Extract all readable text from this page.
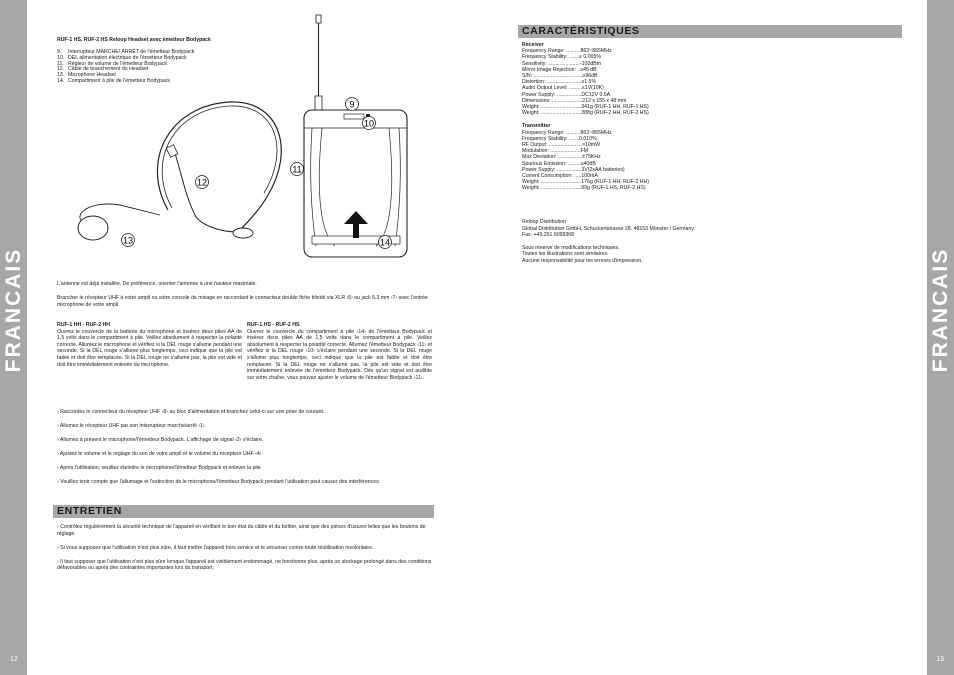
FRANCAIS
12
FRANCAIS
13
RUF-1 HS, RUF-2 HS Reloop Headset avec émetteur Bodypack
9. Interrupteur MARCHE/ ARRÊT de l'émetteur Bodypack
10. DEL alimentation électrique de l'émetteur Bodypack
11. Régleur de volume de l'émetteur Bodypack
12. Câble de branchement du Headset
13. Microphone Headset
14. Compartiment à pile de l'émetteur Bodypack
9
10
11
12
13	14
L'antenne est déjà installée. De préférence, orienter l'antenne à une hauteur maximale.
Brancher le récepteur UHF à votre ampli ou votre console de mixage en raccordant le connecteur double fiche blindé via XLR ‹6› ou jack 6,3 mm ‹7› avec l'entrée microphone de votre ampli.
RUF-1 HH - RUF-2 HH
Ouvrez le couvercle de la batterie du microphone et insérez deux piles AA de 1,5 volts dans le compartiment à pile. Veillez absolument à respecter la polarité correcte. Allumez le microphone et vérifiez si la DEL rouge s'allume pendant une seconde. Si la DEL rouge s'allume plus longtemps, ceci indique que la pile est faible et doit être remplacée. Si la DEL rouge ne s'allume pas, la pile est vide et doit être immédiatement enlevée du microphone.
RUF-1 HS - RUF-2 HS
Ouvrez le couvercle du compartiment à pile ‹14› de l'émetteur Bodypack et insérez deux piles AA de 1,5 volts dans le compartiment à pile. Veillez absolument à respecter la polarité correcte. Allumez l'émetteur Bodypack ‹11› et vérifiez si la DEL rouge ‹10› s'éclaire pendant une seconde. Si la DEL rouge s'allume plus longtemps, ceci indique que la pile est faible et doit être remplacée. Si la DEL rouge ne s'allume pas, la pile est vide et doit être immédiatement enlevée de l'émetteur Bodypack. Dès qu'un signal est audible sur votre chaîne, vous pouvez ajuster le volume de l'émetteur Bodypack ‹11›.
› Raccordez le connecteur du récepteur UHF ‹8› au bloc d'alimentation et branchez celui-ci sur une prise de courant.
› Allumez le récepteur UHF par son interrupteur marche/arrêt ‹1›.
› Allumez à présent le microphone/l'émetteur Bodypack. L'affichage de signal ‹2› s'éclaire.
› Ajustez le volume et le réglage du son de votre ampli et le volume du récepteur UHF ‹4›.
› Après l'utilisation, veuillez éteindre le microphone/l'émetteur Bodypack et enlever la pile.
› Veuillez tenir compte que l'allumage et l'extinction de le microphone/l'émetteur Bodypack pendant l'utilisation peut causer des interférences.
ENTRETIEN
› Contrôlez régulièrement la sécurité technique de l'appareil en vérifiant le bon état du câble et du boîtier, ainsi que des pièces d'usures telles que les boutons de réglage.
› Si vous supposez que l'utilisation n'est plus sûre, il faut mettre l'appareil hors service et le sécuriser contre toute réutilisation involontaire.
› Il faut supposer que l'utilisation n'est plus sûre lorsque l'appareil est visiblement endommagé, ne fonctionne plus, après un stockage prolongé dans des conditions défavorables ou après des contraintes importantes lors du transport.
CARACTÉRISTIQUES
Receiver
Frequency Range: ..........863~865MHz
Frequency Stability: .......≤ 0.005%
Sensitivity: ......................-100dBm
Mirror Image Rejection: ..≥45 dB
S/N: ..................................≥96dB
Distortion: ........................≤1.5%
Audio Output Level: .........≤1V(10K)
Power Supply: .................DC12V 0.5A
Dimensions: .....................212 x 155 x 48 mm
Weight: ............................341g (RUF-1 HH, RUF-1 HS)
Weight: ............................388g (RUF-2 HH, RUF-2 HS)
Transmitter
Frequency Range: ..........863~865MHz
Frequency Stability: .......0,010%
RF Output: .......................>10mW
Modulation: .....................FM
Max Deviation: .................±75KHz
Spurious Emission: .........≥40dB
Power Supply: .................3V(2xAA batteries)
Current Consumption: .....100mA
Weight: ............................176g (RUF-1 HH, RUF-2 HH)
Weight: ............................99g (RUF-1 HS, RUF-2 HS)
Reloop Distribution
Global Distribution GmbH, Schuckertstrasse 28, 48153 Münster / Germany
Fax: +49.251.6099368
Sous réserve de modifications techniques.
Toutes les illustrations sont similaires.
Aucune responsabilité pour les erreurs d'impression.
